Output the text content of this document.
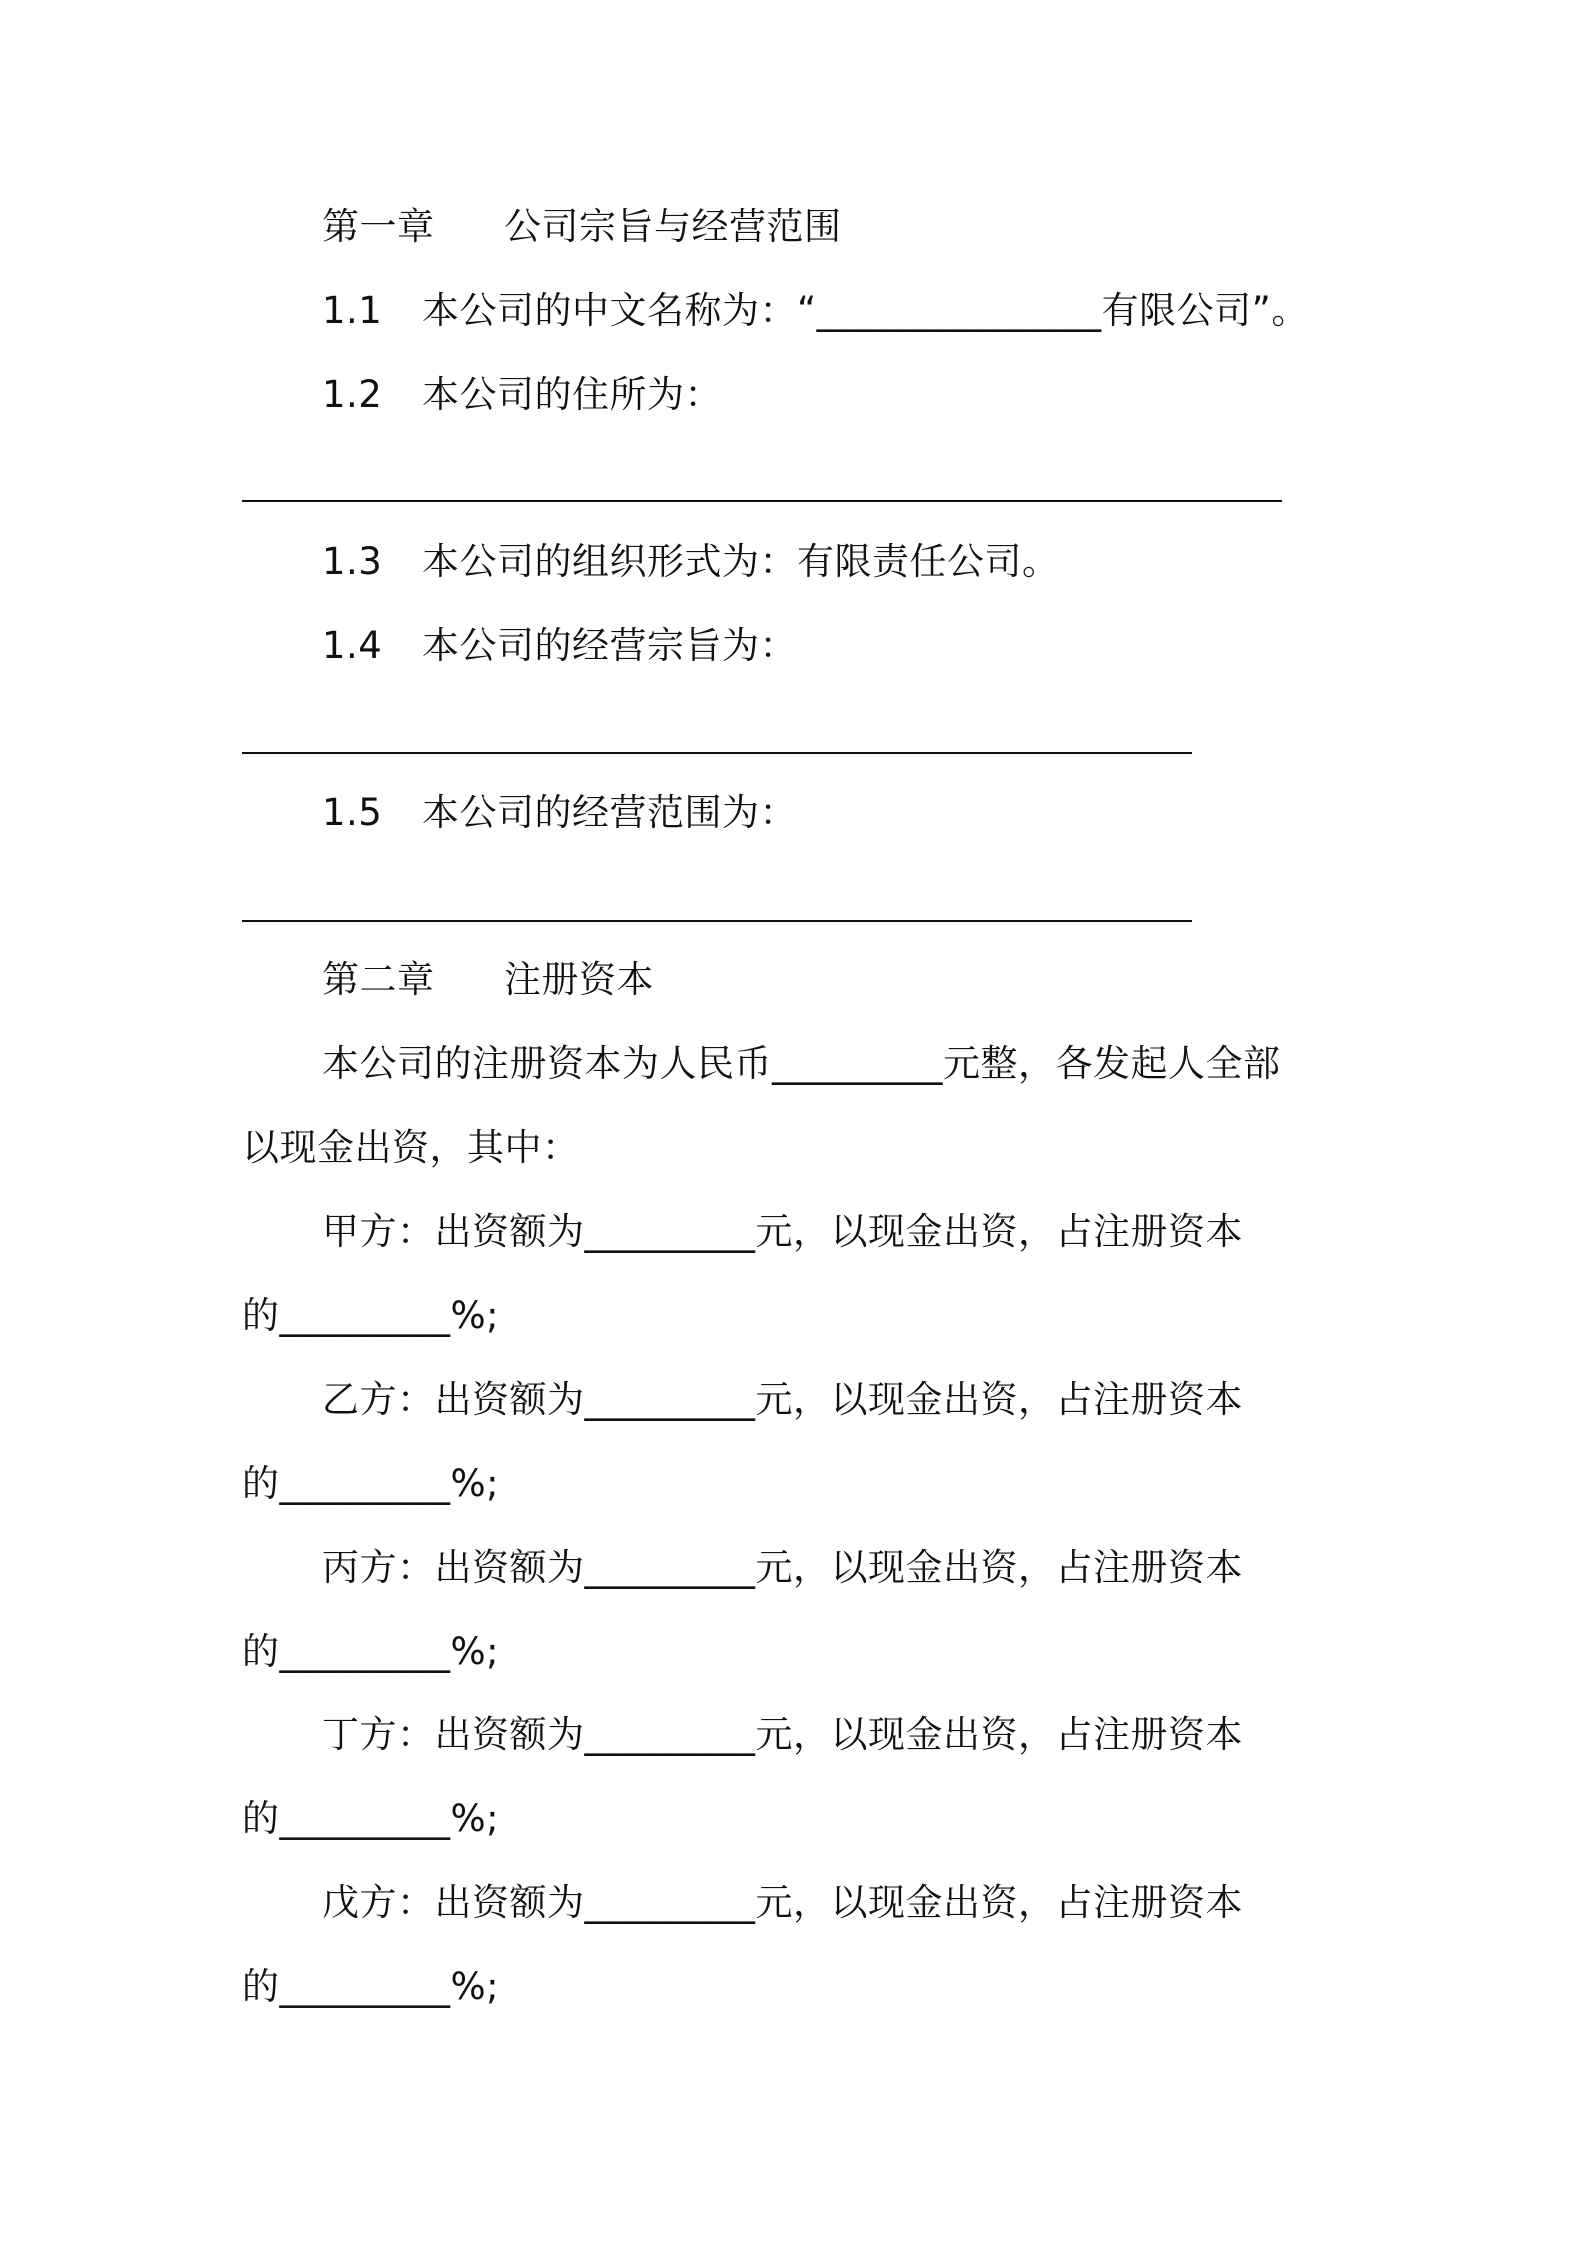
第一章 公司宗旨与经营范围
1.1 本公司的中文名称为：“_______________有限公司”。
1.2 本公司的住所为：
1.3 本公司的组织形式为：有限责任公司。
1.4 本公司的经营宗旨为：
1.5 本公司的经营范围为：
第二章 注册资本
本公司的注册资本为人民币_________元整，各发起人全部
以现金出资，其中：
甲方：出资额为_________元，以现金出资，占注册资本
的_________%;
乙方：出资额为_________元，以现金出资，占注册资本
的_________%;
丙方：出资额为_________元，以现金出资，占注册资本
的_________%;
丁方：出资额为_________元，以现金出资，占注册资本
的_________%;
戊方：出资额为_________元，以现金出资，占注册资本
的_________%;
